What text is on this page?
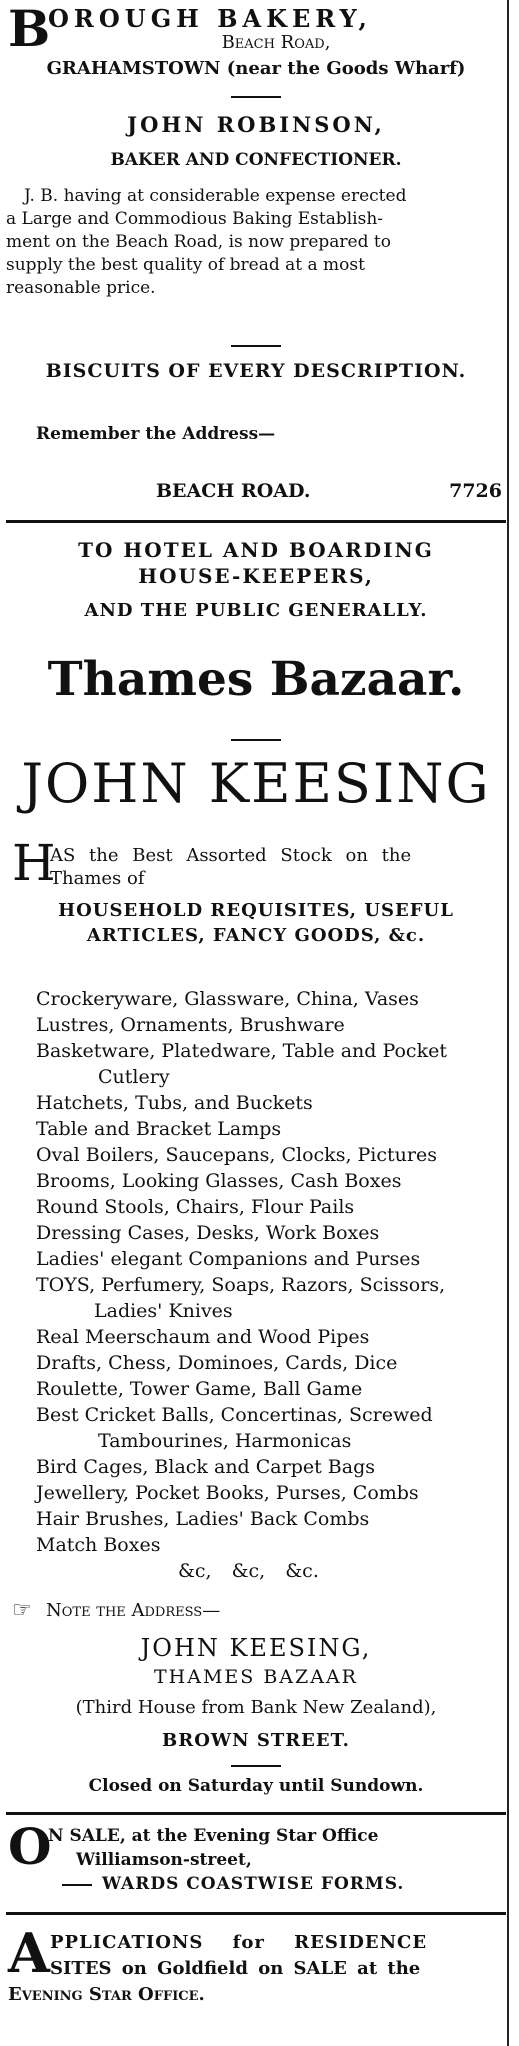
B
OROUGH BAKERY,
Beach Road,
GRAHAMSTOWN (near the Goods Wharf)
JOHN ROBINSON,
BAKER AND CONFECTIONER.
J. B. having at considerable expense erected
a Large and Commodious Baking Establish-
ment on the Beach Road, is now prepared to
supply the best quality of bread at a most
reasonable price.
BISCUITS OF EVERY DESCRIPTION.
Remember the Address—
BEACH ROAD.	7726
TO HOTEL AND BOARDING
HOUSE-KEEPERS,
AND THE PUBLIC GENERALLY.
Thames Bazaar.
JOHN KEESING
H
AS the Best Assorted Stock on the
Thames of
HOUSEHOLD REQUISITES, USEFUL
ARTICLES, FANCY GOODS, &c.
Crockeryware, Glassware, China, Vases
Lustres, Ornaments, Brushware
Basketware, Platedware, Table and Pocket
Cutlery
Hatchets, Tubs, and Buckets
Table and Bracket Lamps
Oval Boilers, Saucepans, Clocks, Pictures
Brooms, Looking Glasses, Cash Boxes
Round Stools, Chairs, Flour Pails
Dressing Cases, Desks, Work Boxes
Ladies' elegant Companions and Purses
TOYS, Perfumery, Soaps, Razors, Scissors,
Ladies' Knives
Real Meerschaum and Wood Pipes
Drafts, Chess, Dominoes, Cards, Dice
Roulette, Tower Game, Ball Game
Best Cricket Balls, Concertinas, Screwed
Tambourines, Harmonicas
Bird Cages, Black and Carpet Bags
Jewellery, Pocket Books, Purses, Combs
Hair Brushes, Ladies' Back Combs
Match Boxes
&c, &c, &c.
☞ Note the Address—
JOHN KEESING,
THAMES BAZAAR
(Third House from Bank New Zealand),
BROWN STREET.
Closed on Saturday until Sundown.
O
N SALE, at the Evening Star Office
Williamson-street,
WARDS COASTWISE FORMS.
A PPLICATIONS for RESIDENCE
SITES on Goldfield on SALE at the
Evening Star Office.
